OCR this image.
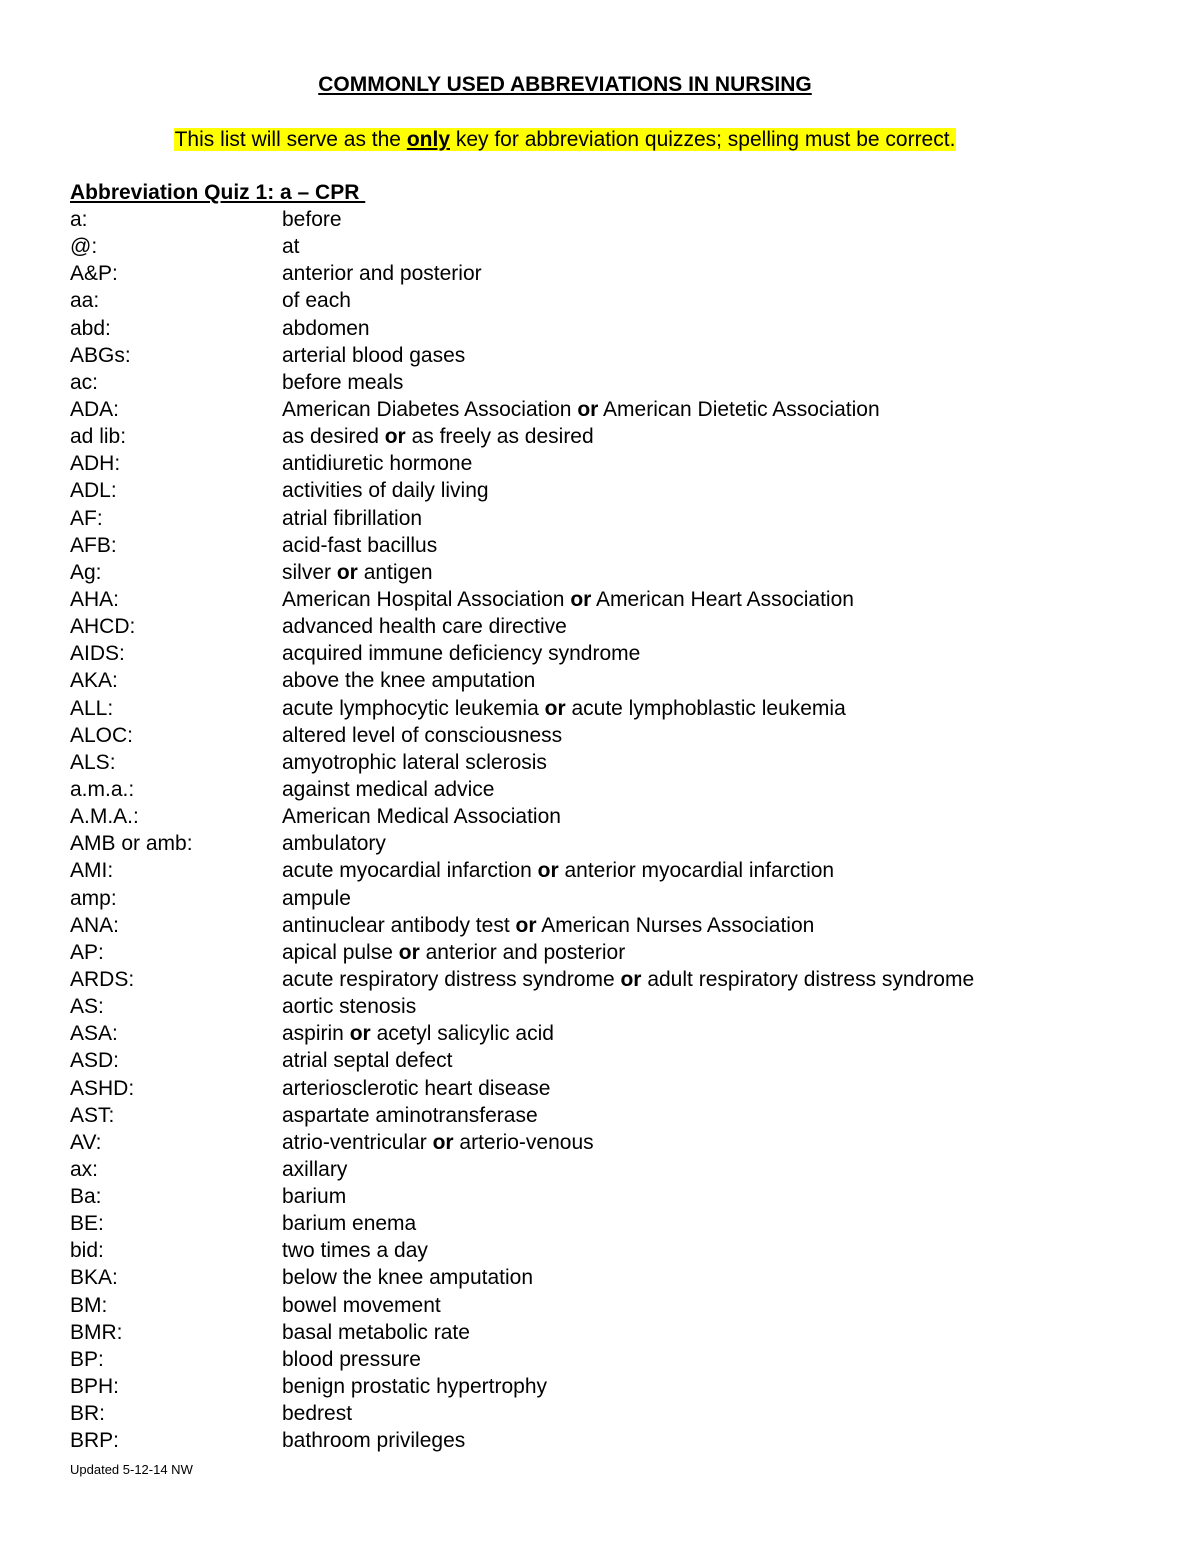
COMMONLY USED ABBREVIATIONS IN NURSING
This list will serve as the only key for abbreviation quizzes; spelling must be correct.
Abbreviation Quiz 1: a – CPR
a:	before
@:	at
A&P:	anterior and posterior
aa:	of each
abd:	abdomen
ABGs:	arterial blood gases
ac:	before meals
ADA:	American Diabetes Association or American Dietetic Association
ad lib:	as desired or as freely as desired
ADH:	antidiuretic hormone
ADL:	activities of daily living
AF:	atrial fibrillation
AFB:	acid-fast bacillus
Ag:	silver or antigen
AHA:	American Hospital Association or American Heart Association
AHCD:	advanced health care directive
AIDS:	acquired immune deficiency syndrome
AKA:	above the knee amputation
ALL:	acute lymphocytic leukemia or acute lymphoblastic leukemia
ALOC:	altered level of consciousness
ALS:	amyotrophic lateral sclerosis
a.m.a.:	against medical advice
A.M.A.:	American Medical Association
AMB or amb:	ambulatory
AMI:	acute myocardial infarction or anterior myocardial infarction
amp:	ampule
ANA:	antinuclear antibody test or American Nurses Association
AP:	apical pulse or anterior and posterior
ARDS:	acute respiratory distress syndrome or adult respiratory distress syndrome
AS:	aortic stenosis
ASA:	aspirin or acetyl salicylic acid
ASD:	atrial septal defect
ASHD:	arteriosclerotic heart disease
AST:	aspartate aminotransferase
AV:	atrio-ventricular or arterio-venous
ax:	axillary
Ba:	barium
BE:	barium enema
bid:	two times a day
BKA:	below the knee amputation
BM:	bowel movement
BMR:	basal metabolic rate
BP:	blood pressure
BPH:	benign prostatic hypertrophy
BR:	bedrest
BRP:	bathroom privileges
Updated 5-12-14 NW
